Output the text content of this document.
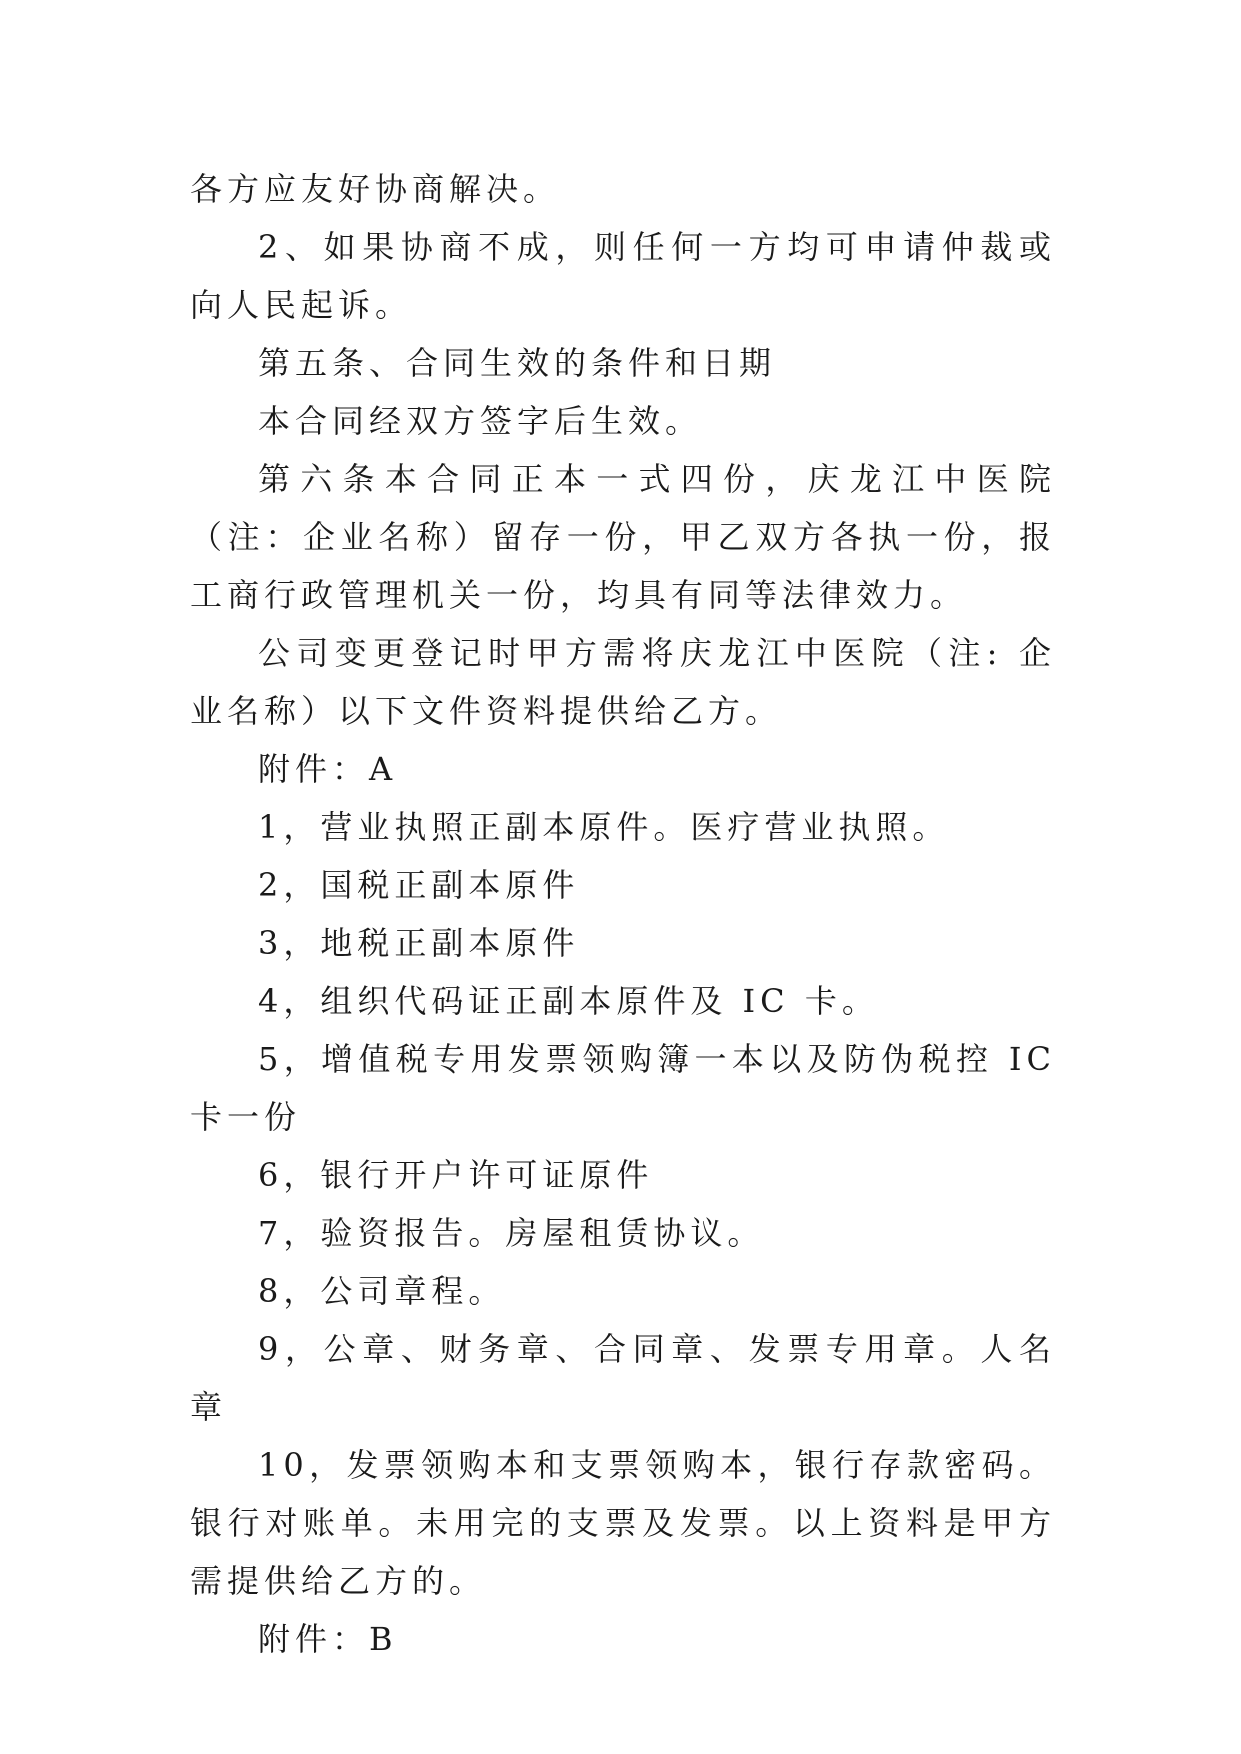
各方应友好协商解决。

2、如果协商不成，则任何一方均可申请仲裁或向人民起诉。

第五条、合同生效的条件和日期

本合同经双方签字后生效。

第六条本合同正本一式四份，庆龙江中医院（注：企业名称）留存一份，甲乙双方各执一份，报工商行政管理机关一份，均具有同等法律效力。

公司变更登记时甲方需将庆龙江中医院（注: 企业名称）以下文件资料提供给乙方。

附件：A

1，营业执照正副本原件。医疗营业执照。

2，国税正副本原件

3，地税正副本原件

4，组织代码证正副本原件及 IC 卡。

5，增值税专用发票领购簿一本以及防伪税控 IC 卡一份

6，银行开户许可证原件

7，验资报告。房屋租赁协议。

8，公司章程。

9，公章、财务章、合同章、发票专用章。人名章

10，发票领购本和支票领购本，银行存款密码。银行对账单。未用完的支票及发票。以上资料是甲方需提供给乙方的。

附件：B
